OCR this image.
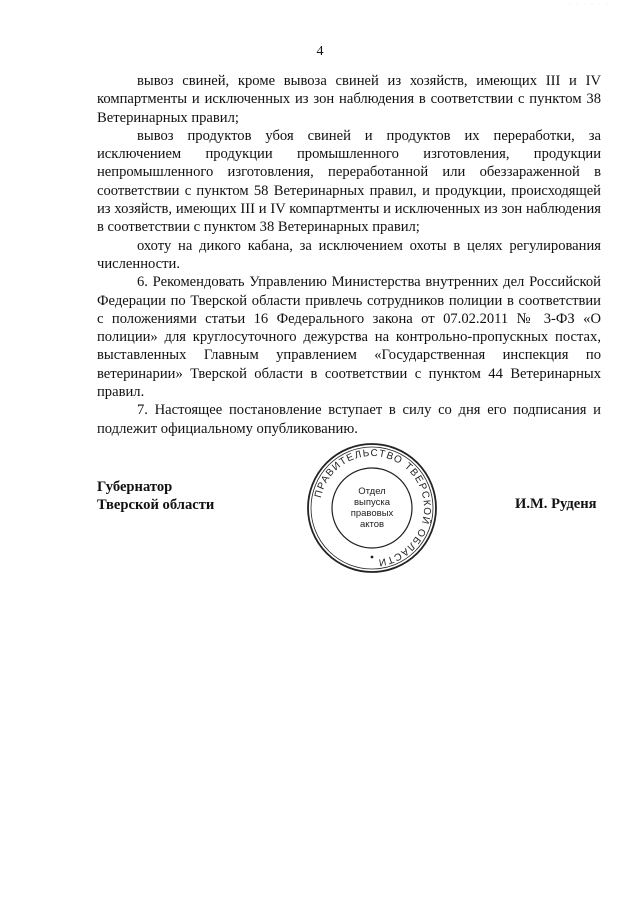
· · · · · ·
4

вывоз свиней, кроме вывоза свиней из хозяйств, имеющих III и IV компартменты и исключенных из зон наблюдения в соответствии с пунктом 38 Ветеринарных правил;

вывоз продуктов убоя свиней и продуктов их переработки, за исключением продукции промышленного изготовления, продукции непромышленного изготовления, переработанной или обеззараженной в соответствии с пунктом 58 Ветеринарных правил, и продукции, происходящей из хозяйств, имеющих III и IV компартменты и исключенных из зон наблюдения в соответствии с пунктом 38 Ветеринарных правил;

охоту на дикого кабана, за исключением охоты в целях регулирования численности.

6. Рекомендовать Управлению Министерства внутренних дел Российской Федерации по Тверской области привлечь сотрудников полиции в соответствии с положениями статьи 16 Федерального закона от 07.02.2011 № 3-ФЗ «О полиции» для круглосуточного дежурства на контрольно-пропускных постах, выставленных Главным управлением «Государственная инспекция по ветеринарии» Тверской области в соответствии с пунктом 44 Ветеринарных правил.

7. Настоящее постановление вступает в силу со дня его подписания и подлежит официальному опубликованию.

Губернатор
Тверской области
ПРАВИТЕЛЬСТВО ТВЕРСКОЙ ОБЛАСТИ
Отдел
выпуска
правовых
актов
И.М. Руденя
